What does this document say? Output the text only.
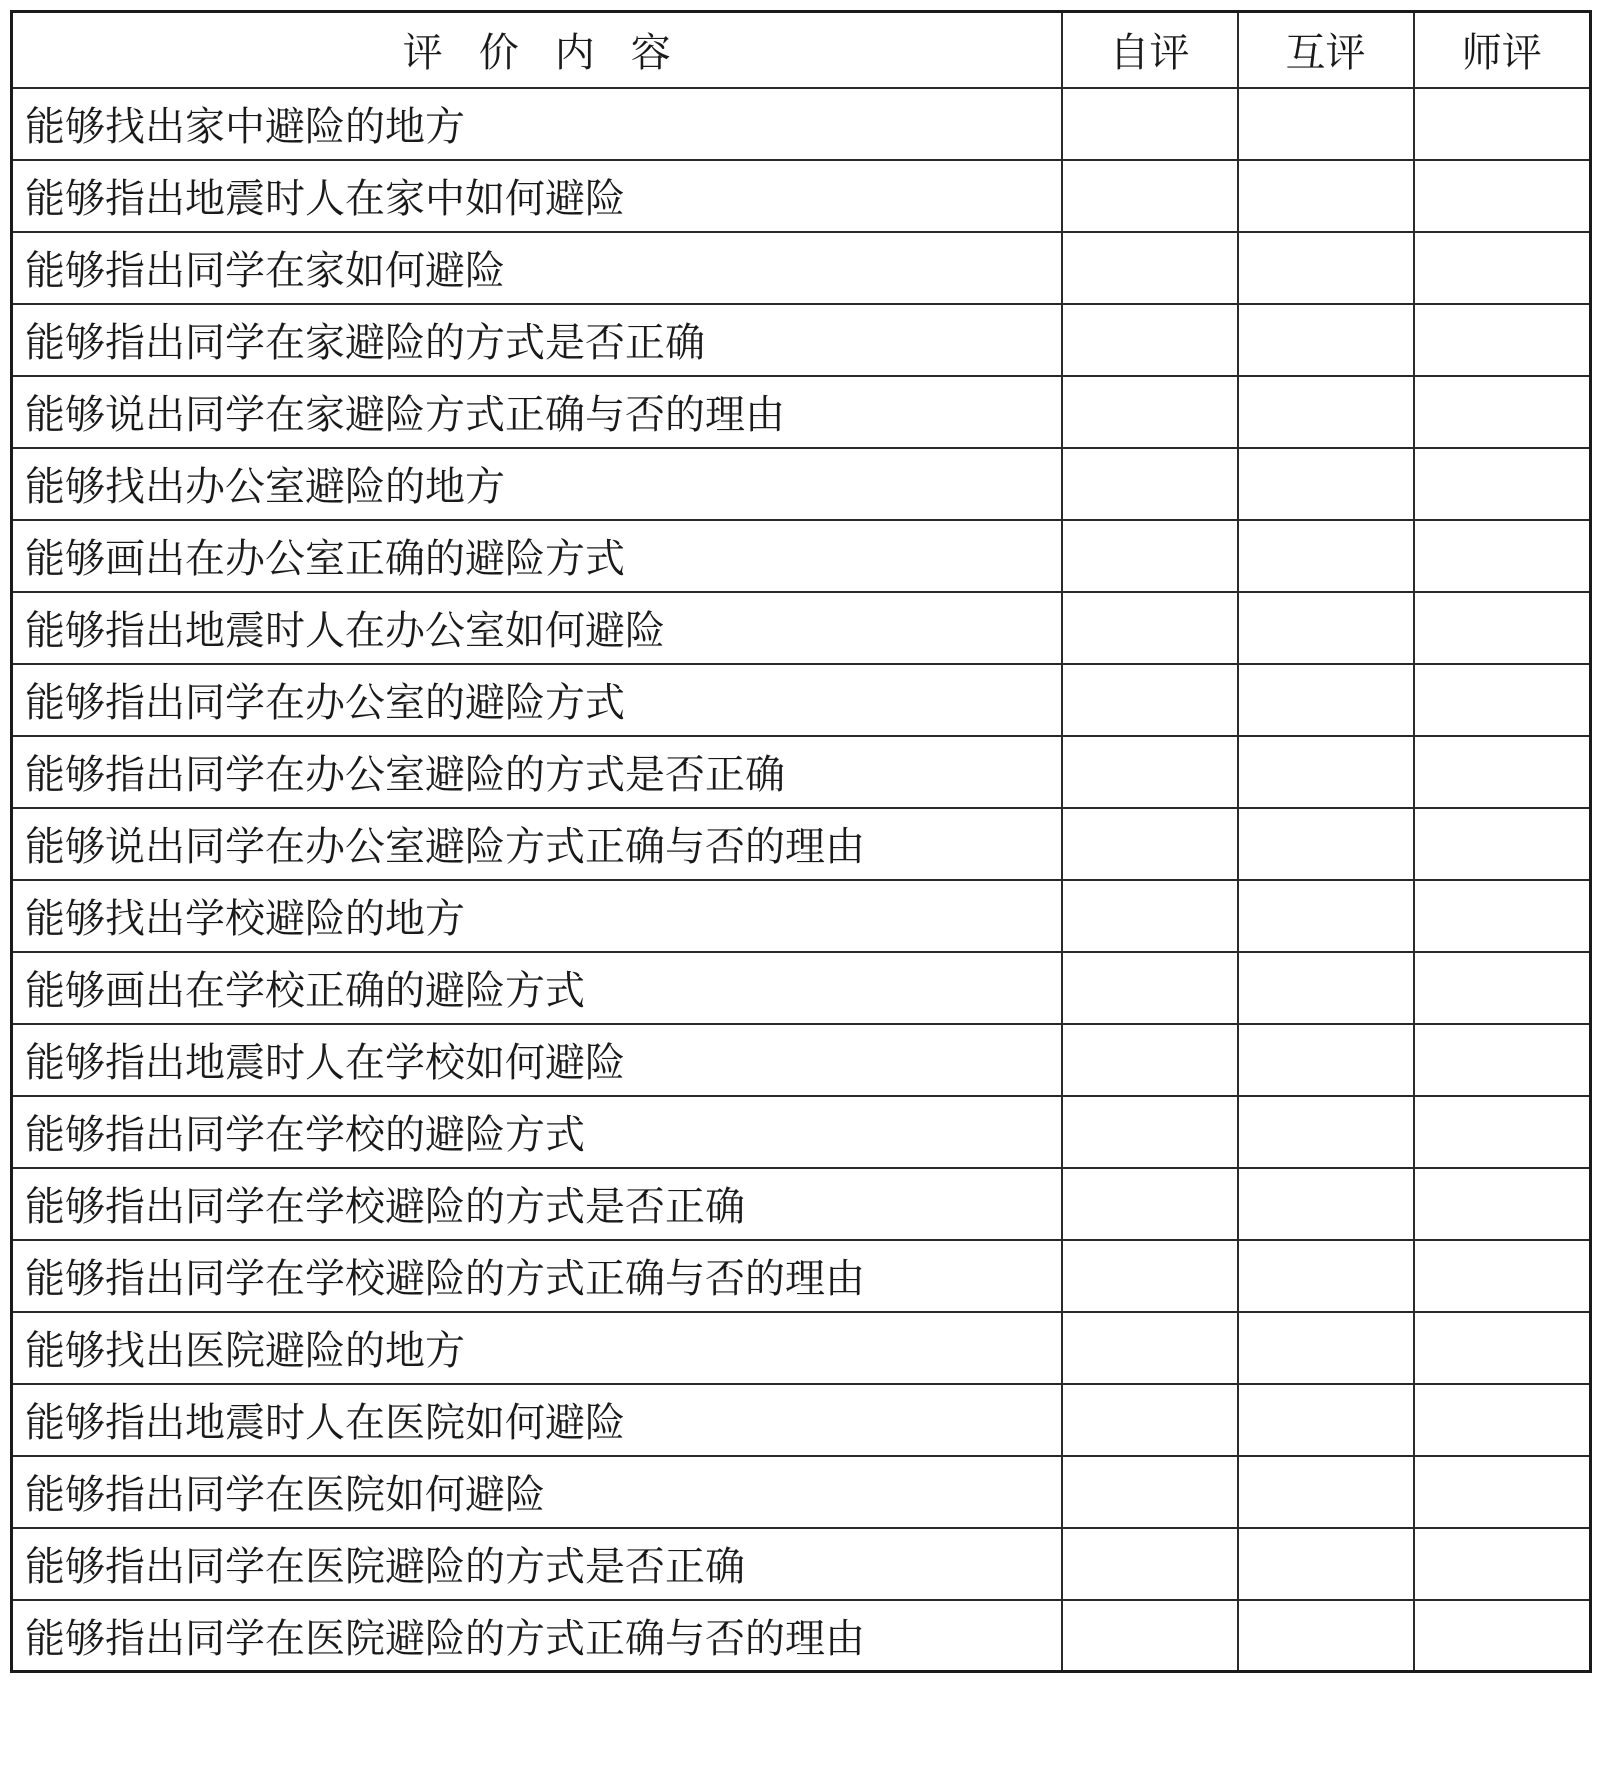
评价内容	自评	互评	师评
能够找出家中避险的地方			
能够指出地震时人在家中如何避险			
能够指出同学在家如何避险			
能够指出同学在家避险的方式是否正确			
能够说出同学在家避险方式正确与否的理由			
能够找出办公室避险的地方			
能够画出在办公室正确的避险方式			
能够指出地震时人在办公室如何避险			
能够指出同学在办公室的避险方式			
能够指出同学在办公室避险的方式是否正确			
能够说出同学在办公室避险方式正确与否的理由			
能够找出学校避险的地方			
能够画出在学校正确的避险方式			
能够指出地震时人在学校如何避险			
能够指出同学在学校的避险方式			
能够指出同学在学校避险的方式是否正确			
能够指出同学在学校避险的方式正确与否的理由			
能够找出医院避险的地方			
能够指出地震时人在医院如何避险			
能够指出同学在医院如何避险			
能够指出同学在医院避险的方式是否正确			
能够指出同学在医院避险的方式正确与否的理由			
